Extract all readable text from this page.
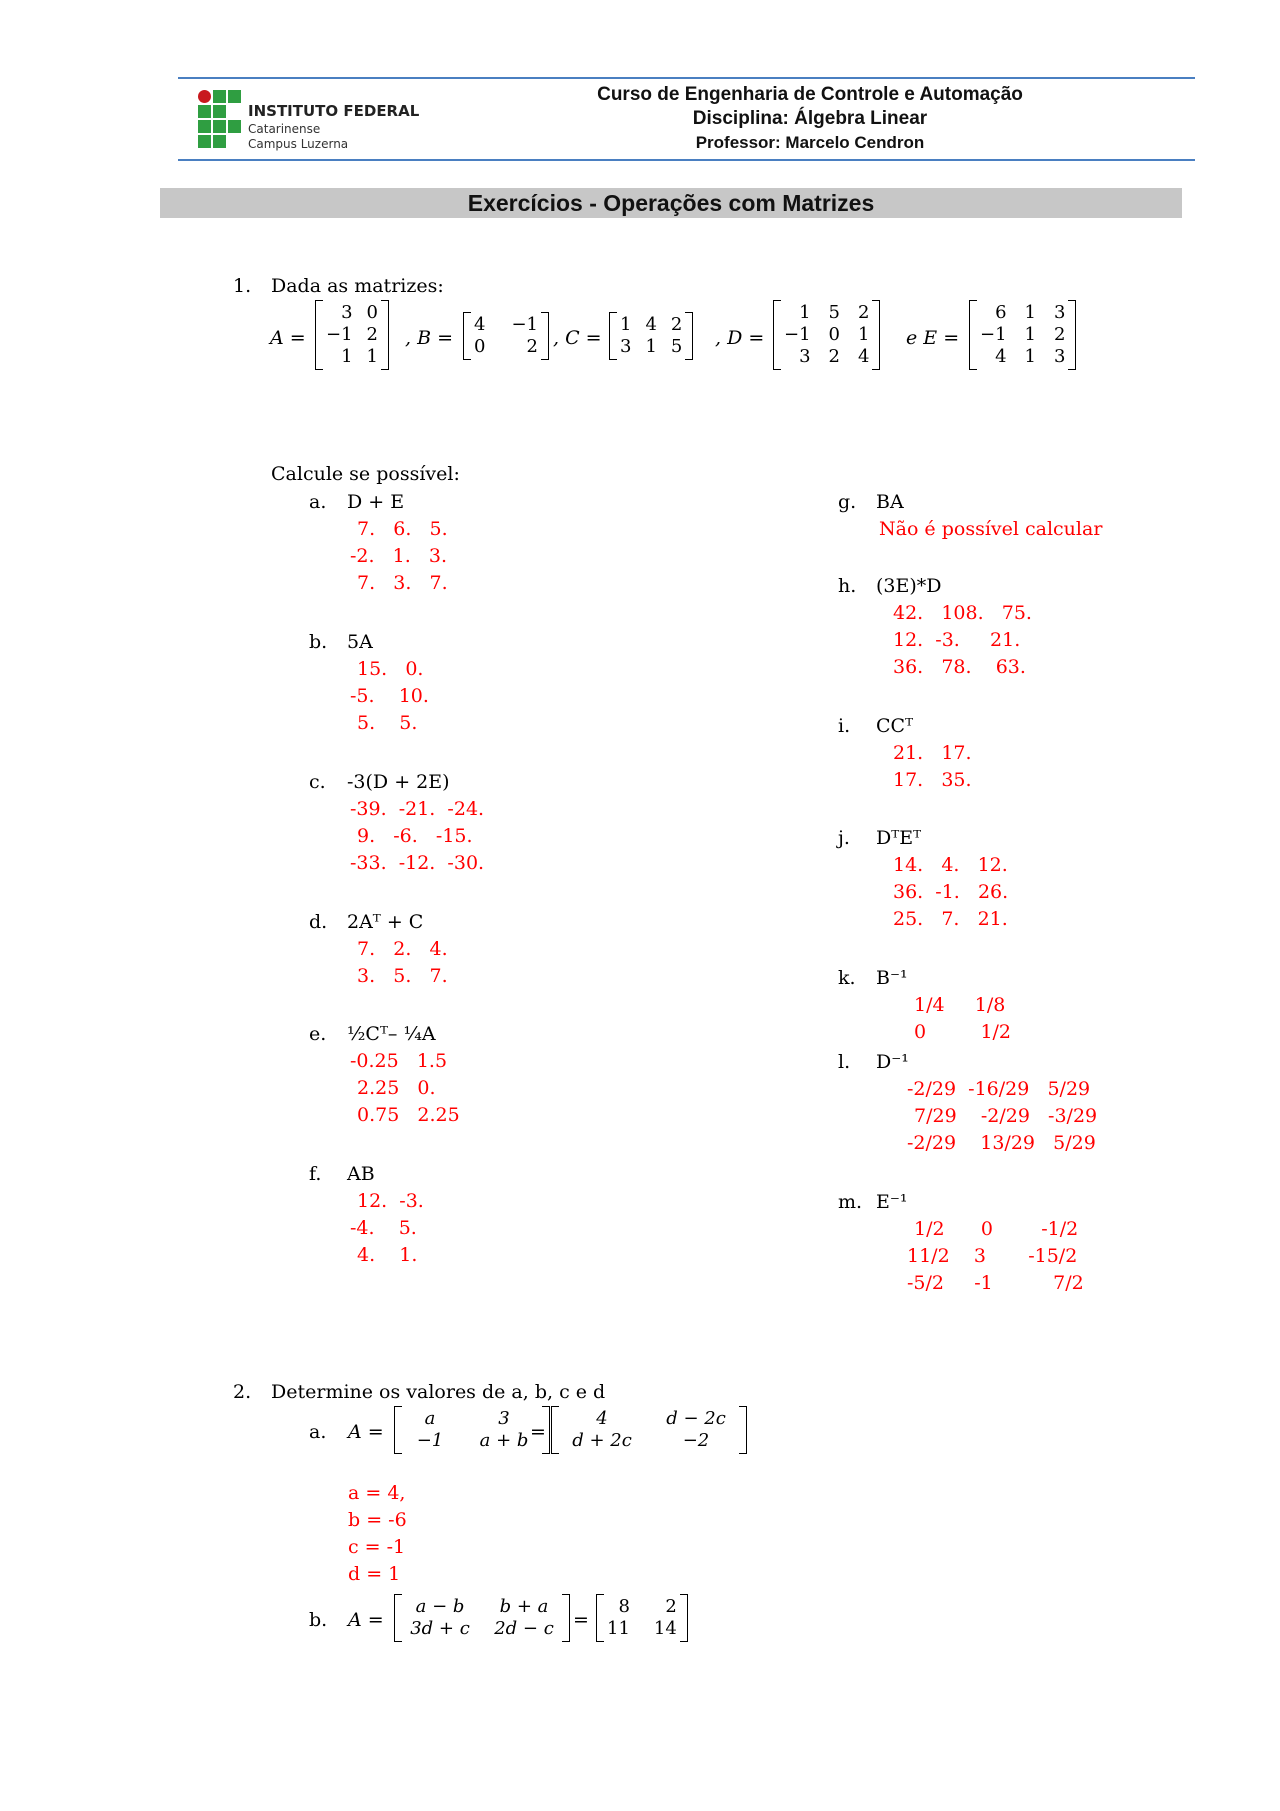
INSTITUTO FEDERAL
Catarinense
Campus Luzerna
Curso de Engenharia de Controle e Automação
Disciplina: Álgebra Linear
Professor: Marcelo Cendron
Exercícios - Operações com Matrizes
1. Dada as matrizes:
A =
3 0
−1 2
1 1
, B =
4 −1
0	2 , C =
1 4 2
3 1 5 , D =
1 5 2
−1 0 1
3 2 4
e E =
6 1 3
−1 1 2
4 1 3
Calcule se possível:
a. D + E
7.   6.   5.
-2.   1.   3.
7.   3.   7.
b. 5A
15.   0.
-5.    10.
5.    5.
c. -3(D + 2E)
-39.  -21.  -24.
9.   -6.   -15.
-33.  -12.  -30.
d. 2Aᵀ + C
7.   2.   4.
3.   5.   7.
e. ½Cᵀ– ¼A
-0.25   1.5
2.25   0.
0.75   2.25
f. AB
12.  -3.
-4.    5.
4.    1.
g. BA
Não é possível calcular
h. (3E)*D
42.   108.   75.
12.  -3.     21.
36.   78.    63.
i. CCᵀ
21.   17.
17.   35.
j. DᵀEᵀ
14.   4.   12.
36.  -1.   26.
25.   7.   21.
k. B⁻¹
1/4     1/8
0         1/2
l. D⁻¹
-2/29  -16/29   5/29
7/29    -2/29   -3/29
-2/29    13/29   5/29
m. E⁻¹
1/2      0        -1/2
11/2    3       -15/2
-5/2     -1          7/2
2. Determine os valores de a, b, c e d
a. A =
a	3
−1	a + b =
4	d − 2c
d + 2c	−2
a = 4,
b = -6
c = -1
d = 1
b. A =
a − b	b + a
3d + c 2d − c =
8	2
11 14
